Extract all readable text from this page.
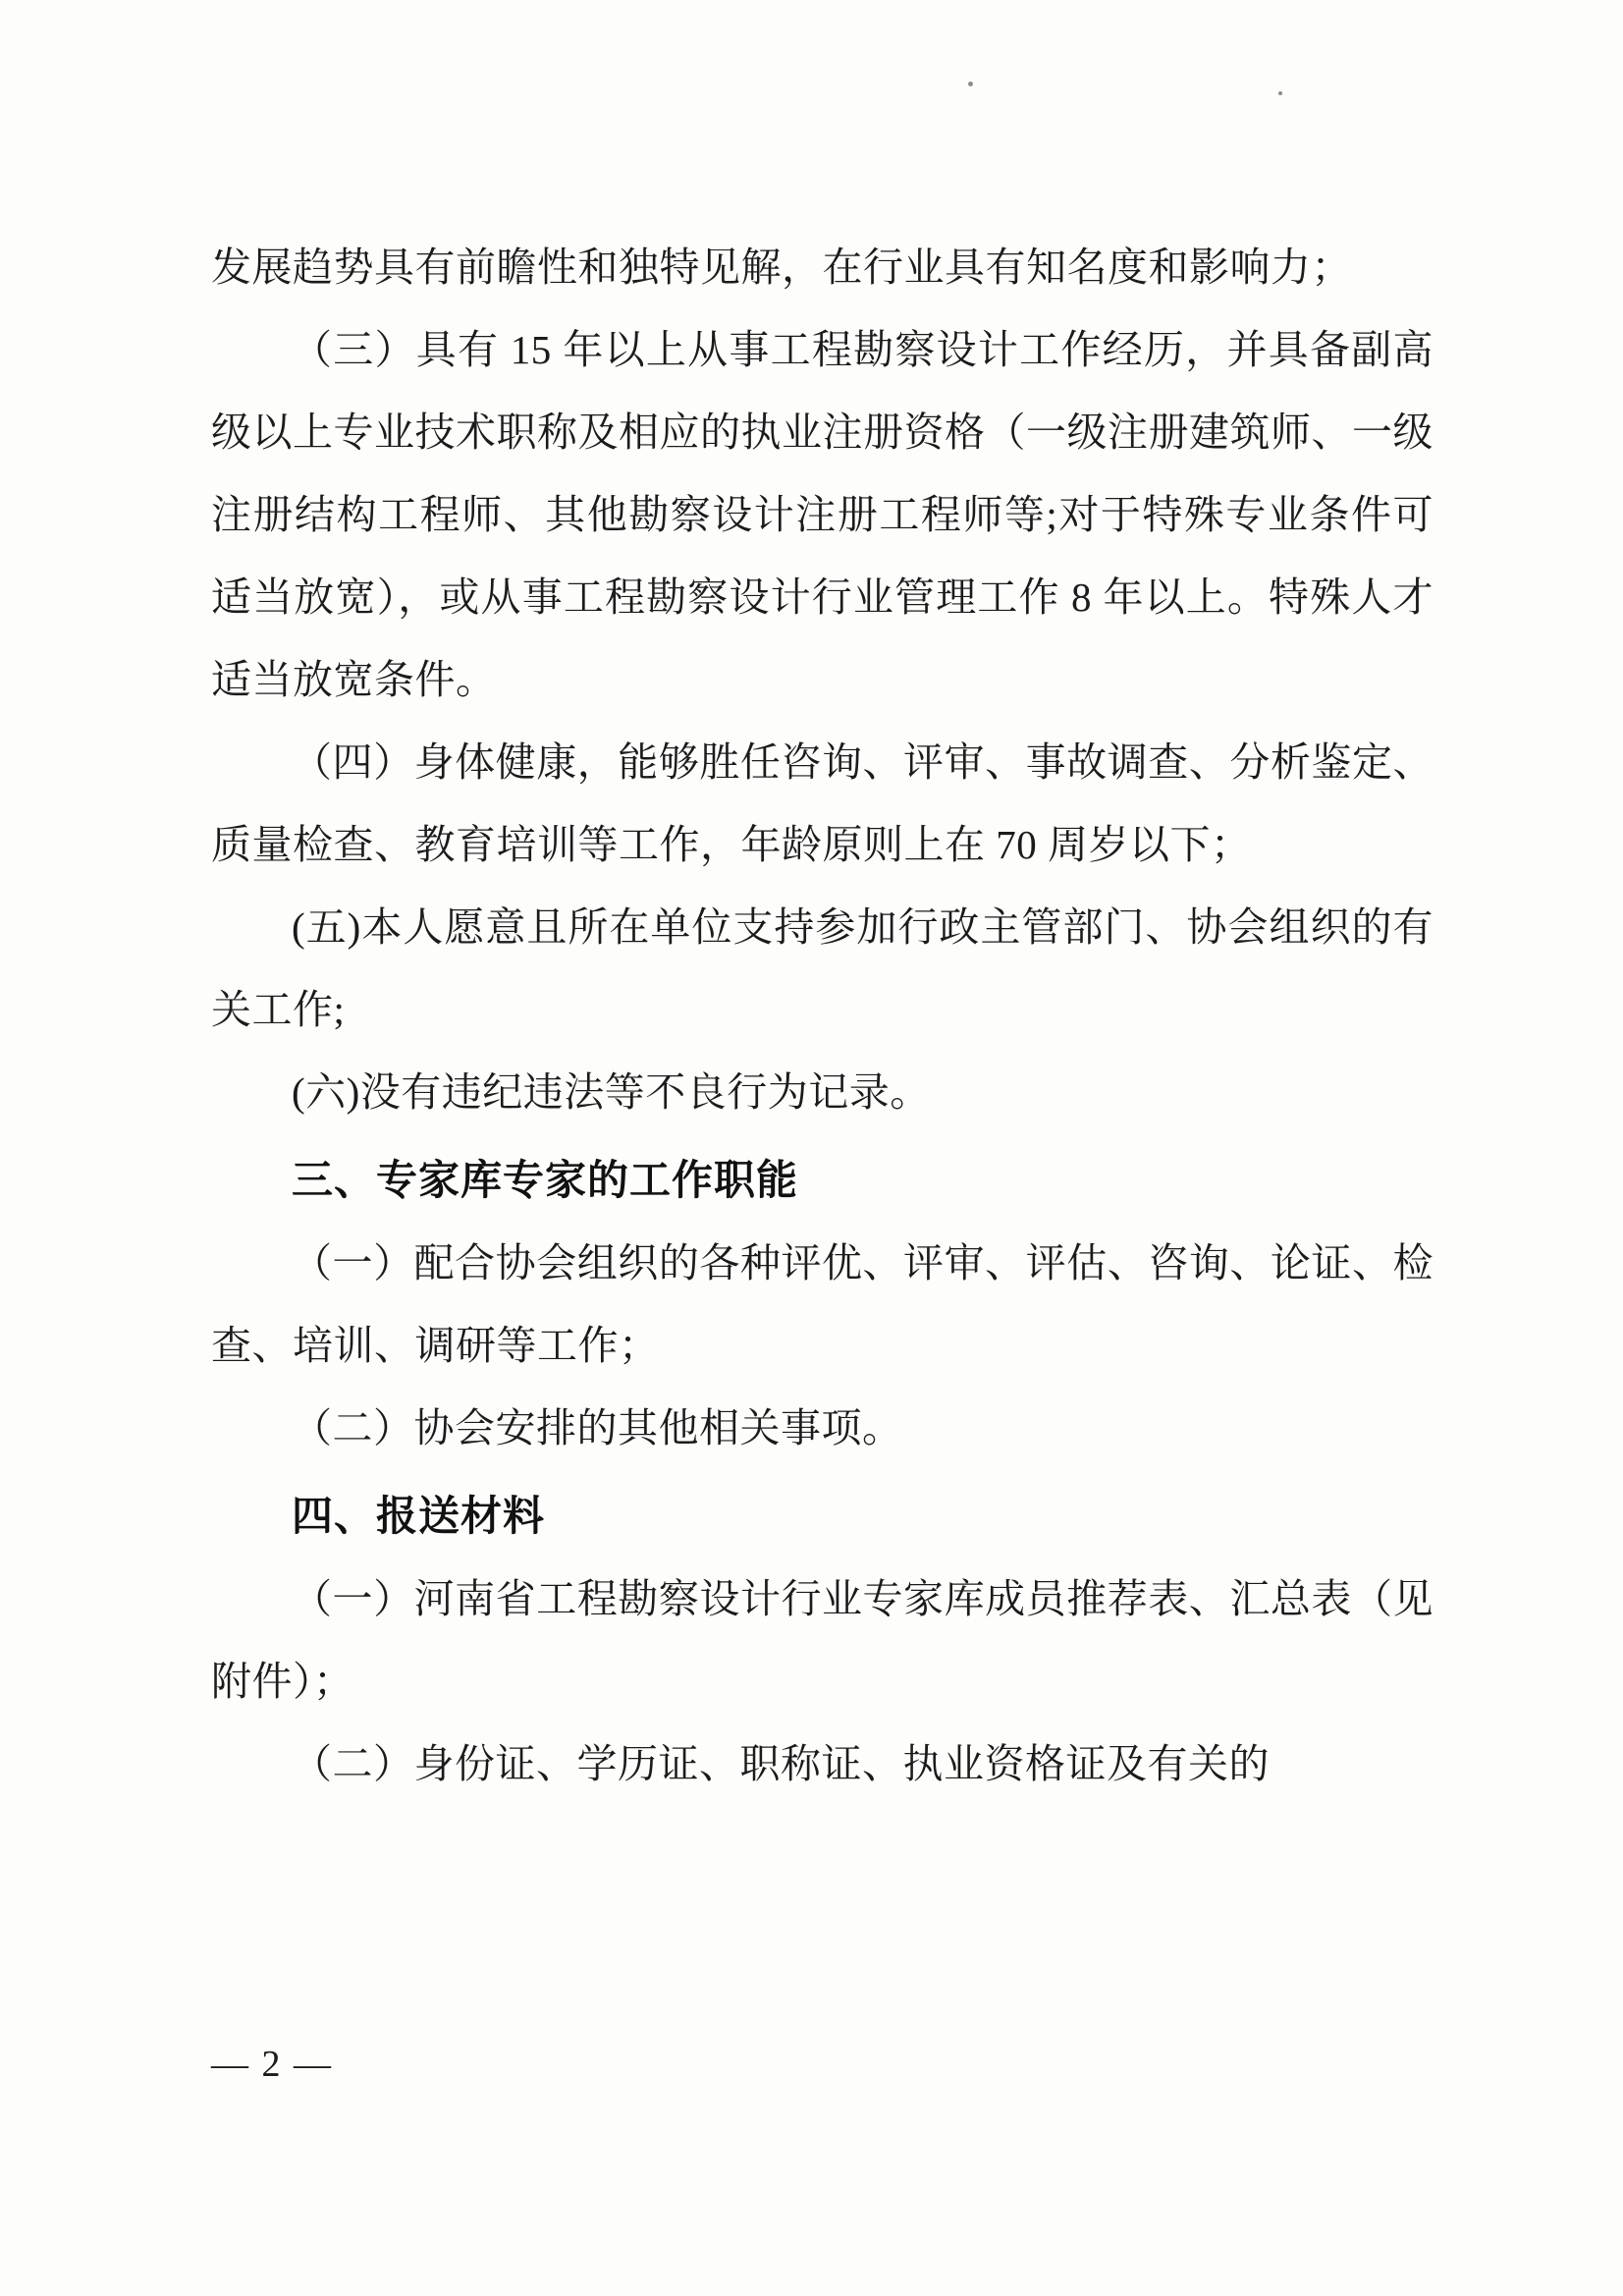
发展趋势具有前瞻性和独特见解，在行业具有知名度和影响力；

（三）具有 15 年以上从事工程勘察设计工作经历，并具备副高级以上专业技术职称及相应的执业注册资格（一级注册建筑师、一级注册结构工程师、其他勘察设计注册工程师等;对于特殊专业条件可适当放宽），或从事工程勘察设计行业管理工作 8 年以上。特殊人才适当放宽条件。

（四）身体健康，能够胜任咨询、评审、事故调查、分析鉴定、质量检查、教育培训等工作，年龄原则上在 70 周岁以下；

(五)本人愿意且所在单位支持参加行政主管部门、协会组织的有关工作;

(六)没有违纪违法等不良行为记录。

三、专家库专家的工作职能

（一）配合协会组织的各种评优、评审、评估、咨询、论证、检查、培训、调研等工作；

（二）协会安排的其他相关事项。

四、报送材料

（一）河南省工程勘察设计行业专家库成员推荐表、汇总表（见附件）；

（二）身份证、学历证、职称证、执业资格证及有关的

— 2 —
